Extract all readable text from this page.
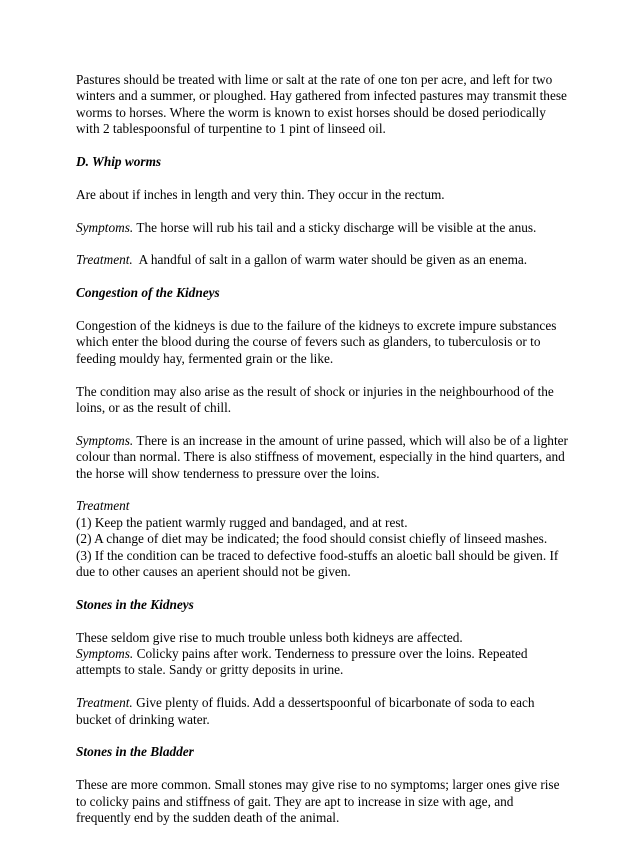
Pastures should be treated with lime or salt at the rate of one ton per acre, and left for two winters and a summer, or ploughed. Hay gathered from infected pastures may transmit these worms to horses. Where the worm is known to exist horses should be dosed periodically with 2 tablespoonsful of turpentine to 1 pint of linseed oil.

D. Whip worms

Are about if inches in length and very thin. They occur in the rectum.

Symptoms. The horse will rub his tail and a sticky discharge will be visible at the anus.

Treatment.  A handful of salt in a gallon of warm water should be given as an enema.

Congestion of the Kidneys

Congestion of the kidneys is due to the failure of the kidneys to excrete impure substances which enter the blood during the course of fevers such as glanders, to tuberculosis or to feeding mouldy hay, fermented grain or the like.

The condition may also arise as the result of shock or injuries in the neighbourhood of the loins, or as the result of chill.

Symptoms. There is an increase in the amount of urine passed, which will also be of a lighter colour than normal. There is also stiffness of movement, especially in the hind quarters, and the horse will show tenderness to pressure over the loins.

Treatment
(1) Keep the patient warmly rugged and bandaged, and at rest.
(2) A change of diet may be indicated; the food should consist chiefly of linseed mashes.
(3) If the condition can be traced to defective food-stuffs an aloetic ball should be given. If due to other causes an aperient should not be given.

Stones in the Kidneys

These seldom give rise to much trouble unless both kidneys are affected.
Symptoms. Colicky pains after work. Tenderness to pressure over the loins. Repeated attempts to stale. Sandy or gritty deposits in urine.

Treatment. Give plenty of fluids. Add a dessertspoonful of bicarbonate of soda to each bucket of drinking water.

Stones in the Bladder

These are more common. Small stones may give rise to no symptoms; larger ones give rise to colicky pains and stiffness of gait. They are apt to increase in size with age, and frequently end by the sudden death of the animal.
